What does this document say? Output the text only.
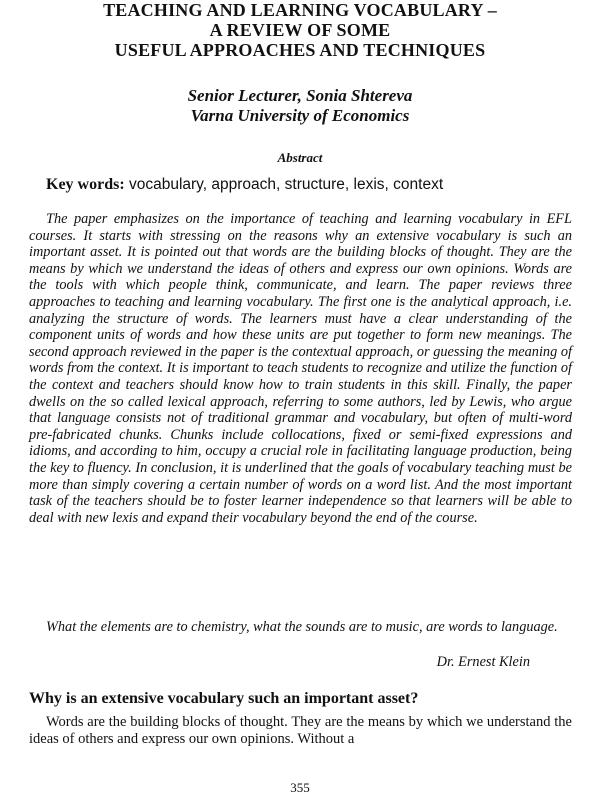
TEACHING AND LEARNING VOCABULARY –
A REVIEW OF SOME
USEFUL APPROACHES AND TECHNIQUES
Senior Lecturer, Sonia Shtereva
Varna University of Economics
Abstract
Key words: vocabulary, approach, structure, lexis, context

The paper emphasizes on the importance of teaching and learning vocabulary in EFL courses. It starts with stressing on the reasons why an extensive vocabulary is such an important asset. It is pointed out that words are the building blocks of thought. They are the means by which we understand the ideas of others and express our own opinions. Words are the tools with which people think, communicate, and learn. The paper reviews three approaches to teaching and learning vocabulary. The first one is the analytical approach, i.e. analyzing the structure of words. The learners must have a clear understanding of the component units of words and how these units are put together to form new meanings. The second approach reviewed in the paper is the contextual approach, or guessing the meaning of words from the context. It is important to teach students to recognize and utilize the function of the context and teachers should know how to train students in this skill. Finally, the paper dwells on the so called lexical approach, referring to some authors, led by Lewis, who argue that language consists not of traditional grammar and vocabulary, but often of multi-word pre-fabricated chunks. Chunks include collocations, fixed or semi-fixed expressions and idioms, and according to him, occupy a crucial role in facilitating language production, being the key to fluency. In conclusion, it is underlined that the goals of vocabulary teaching must be more than simply covering a certain number of words on a word list. And the most important task of the teachers should be to foster learner independence so that learners will be able to deal with new lexis and expand their vocabulary beyond the end of the course.

What the elements are to chemistry, what the sounds are to music, are words to language.

Dr. Ernest Klein

Why is an extensive vocabulary such an important asset?

Words are the building blocks of thought. They are the means by which we understand the ideas of others and express our own opinions. Without a

355
